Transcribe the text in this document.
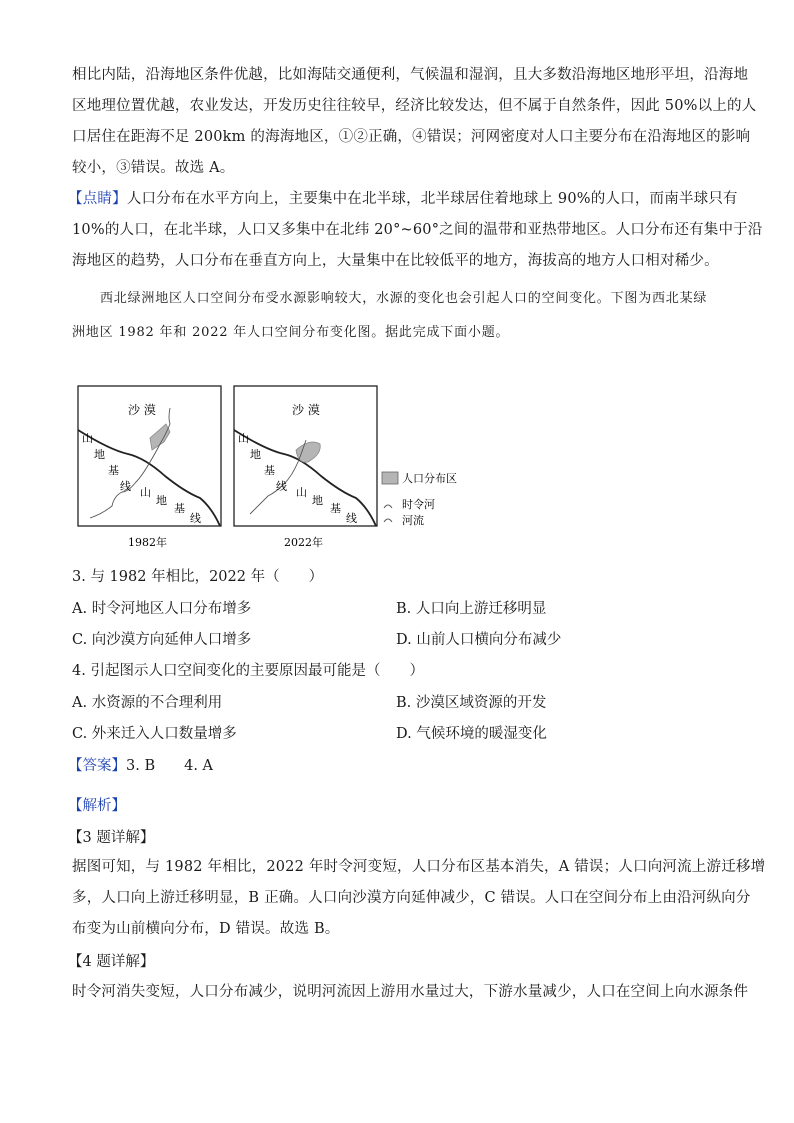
相比内陆，沿海地区条件优越，比如海陆交通便利，气候温和湿润，且大多数沿海地区地形平坦，沿海地
区地理位置优越，农业发达，开发历史往往较早，经济比较发达，但不属于自然条件，因此 50%以上的人
口居住在距海不足 200km 的海海地区，①②正确，④错误；河网密度对人口主要分布在沿海地区的影响
较小，③错误。故选 A。
【点睛】人口分布在水平方向上，主要集中在北半球，北半球居住着地球上 90%的人口，而南半球只有
10%的人口，在北半球，人口又多集中在北纬 20°~60°之间的温带和亚热带地区。人口分布还有集中于沿
海地区的趋势，人口分布在垂直方向上，大量集中在比较低平的地方，海拔高的地方人口相对稀少。
西北绿洲地区人口空间分布受水源影响较大，水源的变化也会引起人口的空间变化。下图为西北某绿
洲地区 1982 年和 2022 年人口空间分布变化图。据此完成下面小题。
沙 漠
山
地
基
线 山
地
基
线
1982年
沙 漠
山
地
基
线 山
地
基
线
2022年
人口分布区
时令河
河流
3. 与 1982 年相比，2022 年（　　）
A. 时令河地区人口分布增多	B. 人口向上游迁移明显
C. 向沙漠方向延伸人口增多	D. 山前人口横向分布减少
4. 引起图示人口空间变化的主要原因最可能是（　　）
A. 水资源的不合理利用	B. 沙漠区域资源的开发
C. 外来迁入人口数量增多	D. 气候环境的暖湿变化
【答案】3. B　　4. A
【解析】
【3 题详解】
据图可知，与 1982 年相比，2022 年时令河变短，人口分布区基本消失，A 错误；人口向河流上游迁移增
多，人口向上游迁移明显，B 正确。人口向沙漠方向延伸减少，C 错误。人口在空间分布上由沿河纵向分
布变为山前横向分布，D 错误。故选 B。
【4 题详解】
时令河消失变短，人口分布减少，说明河流因上游用水量过大，下游水量减少，人口在空间上向水源条件
